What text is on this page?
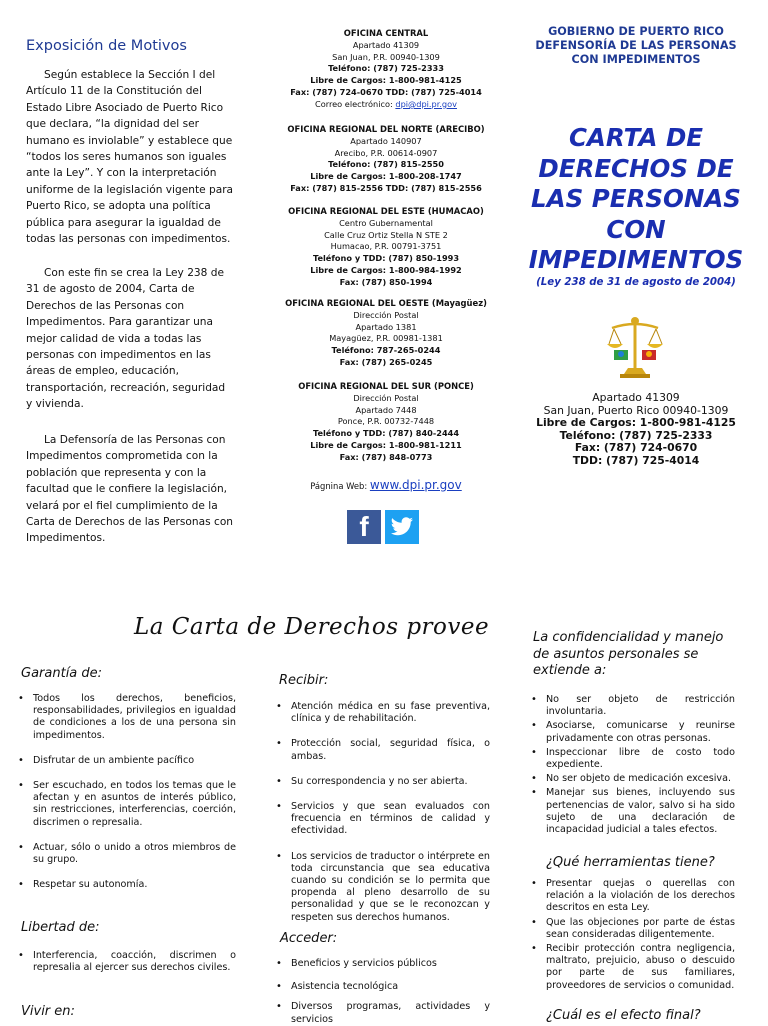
Exposición de Motivos
Según establece la Sección I del
Artículo 11 de la Constitución del
Estado Libre Asociado de Puerto Rico
que declara, “la dignidad del ser
humano es inviolable” y establece que
“todos los seres humanos son iguales
ante la Ley”. Y con la interpretación
uniforme de la legislación vigente para
Puerto Rico, se adopta una política
pública para asegurar la igualdad de
todas las personas con impedimentos.
Con este fin se crea la Ley 238 de
31 de agosto de 2004, Carta de
Derechos de las Personas con
Impedimentos. Para garantizar una
mejor calidad de vida a todas las
personas con impedimentos en las
áreas de empleo, educación,
transportación, recreación, seguridad
y vivienda.
La Defensoría de las Personas con
Impedimentos comprometida con la
población que representa y con la
facultad que le confiere la legislación,
velará por el fiel cumplimiento de la
Carta de Derechos de las Personas con
Impedimentos.
OFICINA CENTRAL
Apartado 41309
San Juan, P.R. 00940-1309
Teléfono: (787) 725-2333
Libre de Cargos: 1-800-981-4125
Fax: (787) 724-0670 TDD: (787) 725-4014
Correo electrónico: dpi@dpi.pr.gov
OFICINA REGIONAL DEL NORTE (ARECIBO)
Apartado 140907
Arecibo, P.R. 00614-0907
Teléfono: (787) 815-2550
Libre de Cargos: 1-800-208-1747
Fax: (787) 815-2556 TDD: (787) 815-2556
OFICINA REGIONAL DEL ESTE (HUMACAO)
Centro Gubernamental
Calle Cruz Ortiz Stella N STE 2
Humacao, P.R. 00791-3751
Teléfono y TDD: (787) 850-1993
Libre de Cargos: 1-800-984-1992
Fax: (787) 850-1994
OFICINA REGIONAL DEL OESTE (Mayagüez)
Dirección Postal
Apartado 1381
Mayagüez, P.R. 00981-1381
Teléfono: 787-265-0244
Fax: (787) 265-0245
OFICINA REGIONAL DEL SUR (PONCE)
Dirección Postal
Apartado 7448
Ponce, P.R. 00732-7448
Teléfono y TDD: (787) 840-2444
Libre de Cargos: 1-800-981-1211
Fax: (787) 848-0773
Págnina Web: www.dpi.pr.gov
f
GOBIERNO DE PUERTO RICO
DEFENSORÍA DE LAS PERSONAS
CON IMPEDIMENTOS
CARTA DE
DERECHOS DE
LAS PERSONAS
CON
IMPEDIMENTOS
(Ley 238 de 31 de agosto de 2004)
Apartado 41309
San Juan, Puerto Rico 00940-1309
Libre de Cargos: 1-800-981-4125
Teléfono: (787) 725-2333
Fax: (787) 724-0670
TDD: (787) 725-4014
La Carta de Derechos provee
Garantía de:
• Todos los derechos, beneficios, responsabilidades, privilegios en igualdad de condiciones a los de una persona sin impedimentos.
• Disfrutar de un ambiente pacífico
• Ser escuchado, en todos los temas que le afectan y en asuntos de interés público, sin restricciones, interferencias, coerción, discrimen o represalia.
• Actuar, sólo o unido a otros miembros de su grupo.
• Respetar su autonomía.
Libertad de:
• Interferencia, coacción, discrimen o represalia al ejercer sus derechos civiles.
Vivir en:
Recibir:
• Atención médica en su fase preventiva, clínica y de rehabilitación.
• Protección social, seguridad física, o ambas.
• Su correspondencia y no ser abierta.
• Servicios y que sean evaluados con frecuencia en términos de calidad y efectividad.
• Los servicios de traductor o intérprete en toda circunstancia que sea educativa cuando su condición se lo permita que propenda al pleno desarrollo de su personalidad y que se le reconozcan y respeten sus derechos humanos.
Acceder:
• Beneficios y servicios públicos
• Asistencia tecnológica
• Diversos programas, actividades y servicios
La confidencialidad y manejo
de asuntos personales se
extiende a:
• No ser objeto de restricción involuntaria.
• Asociarse, comunicarse y reunirse privadamente con otras personas.
• Inspeccionar libre de costo todo expediente.
• No ser objeto de medicación excesiva.
• Manejar sus bienes, incluyendo sus pertenencias de valor, salvo si ha sido sujeto de una declaración de incapacidad judicial a tales efectos.
¿Qué herramientas tiene?
• Presentar quejas o querellas con relación a la violación de los derechos descritos en esta Ley.
• Que las objeciones por parte de éstas sean consideradas diligentemente.
• Recibir protección contra negligencia, maltrato, prejuicio, abuso o descuido por parte de sus familiares, proveedores de servicios o comunidad.
¿Cuál es el efecto final?
